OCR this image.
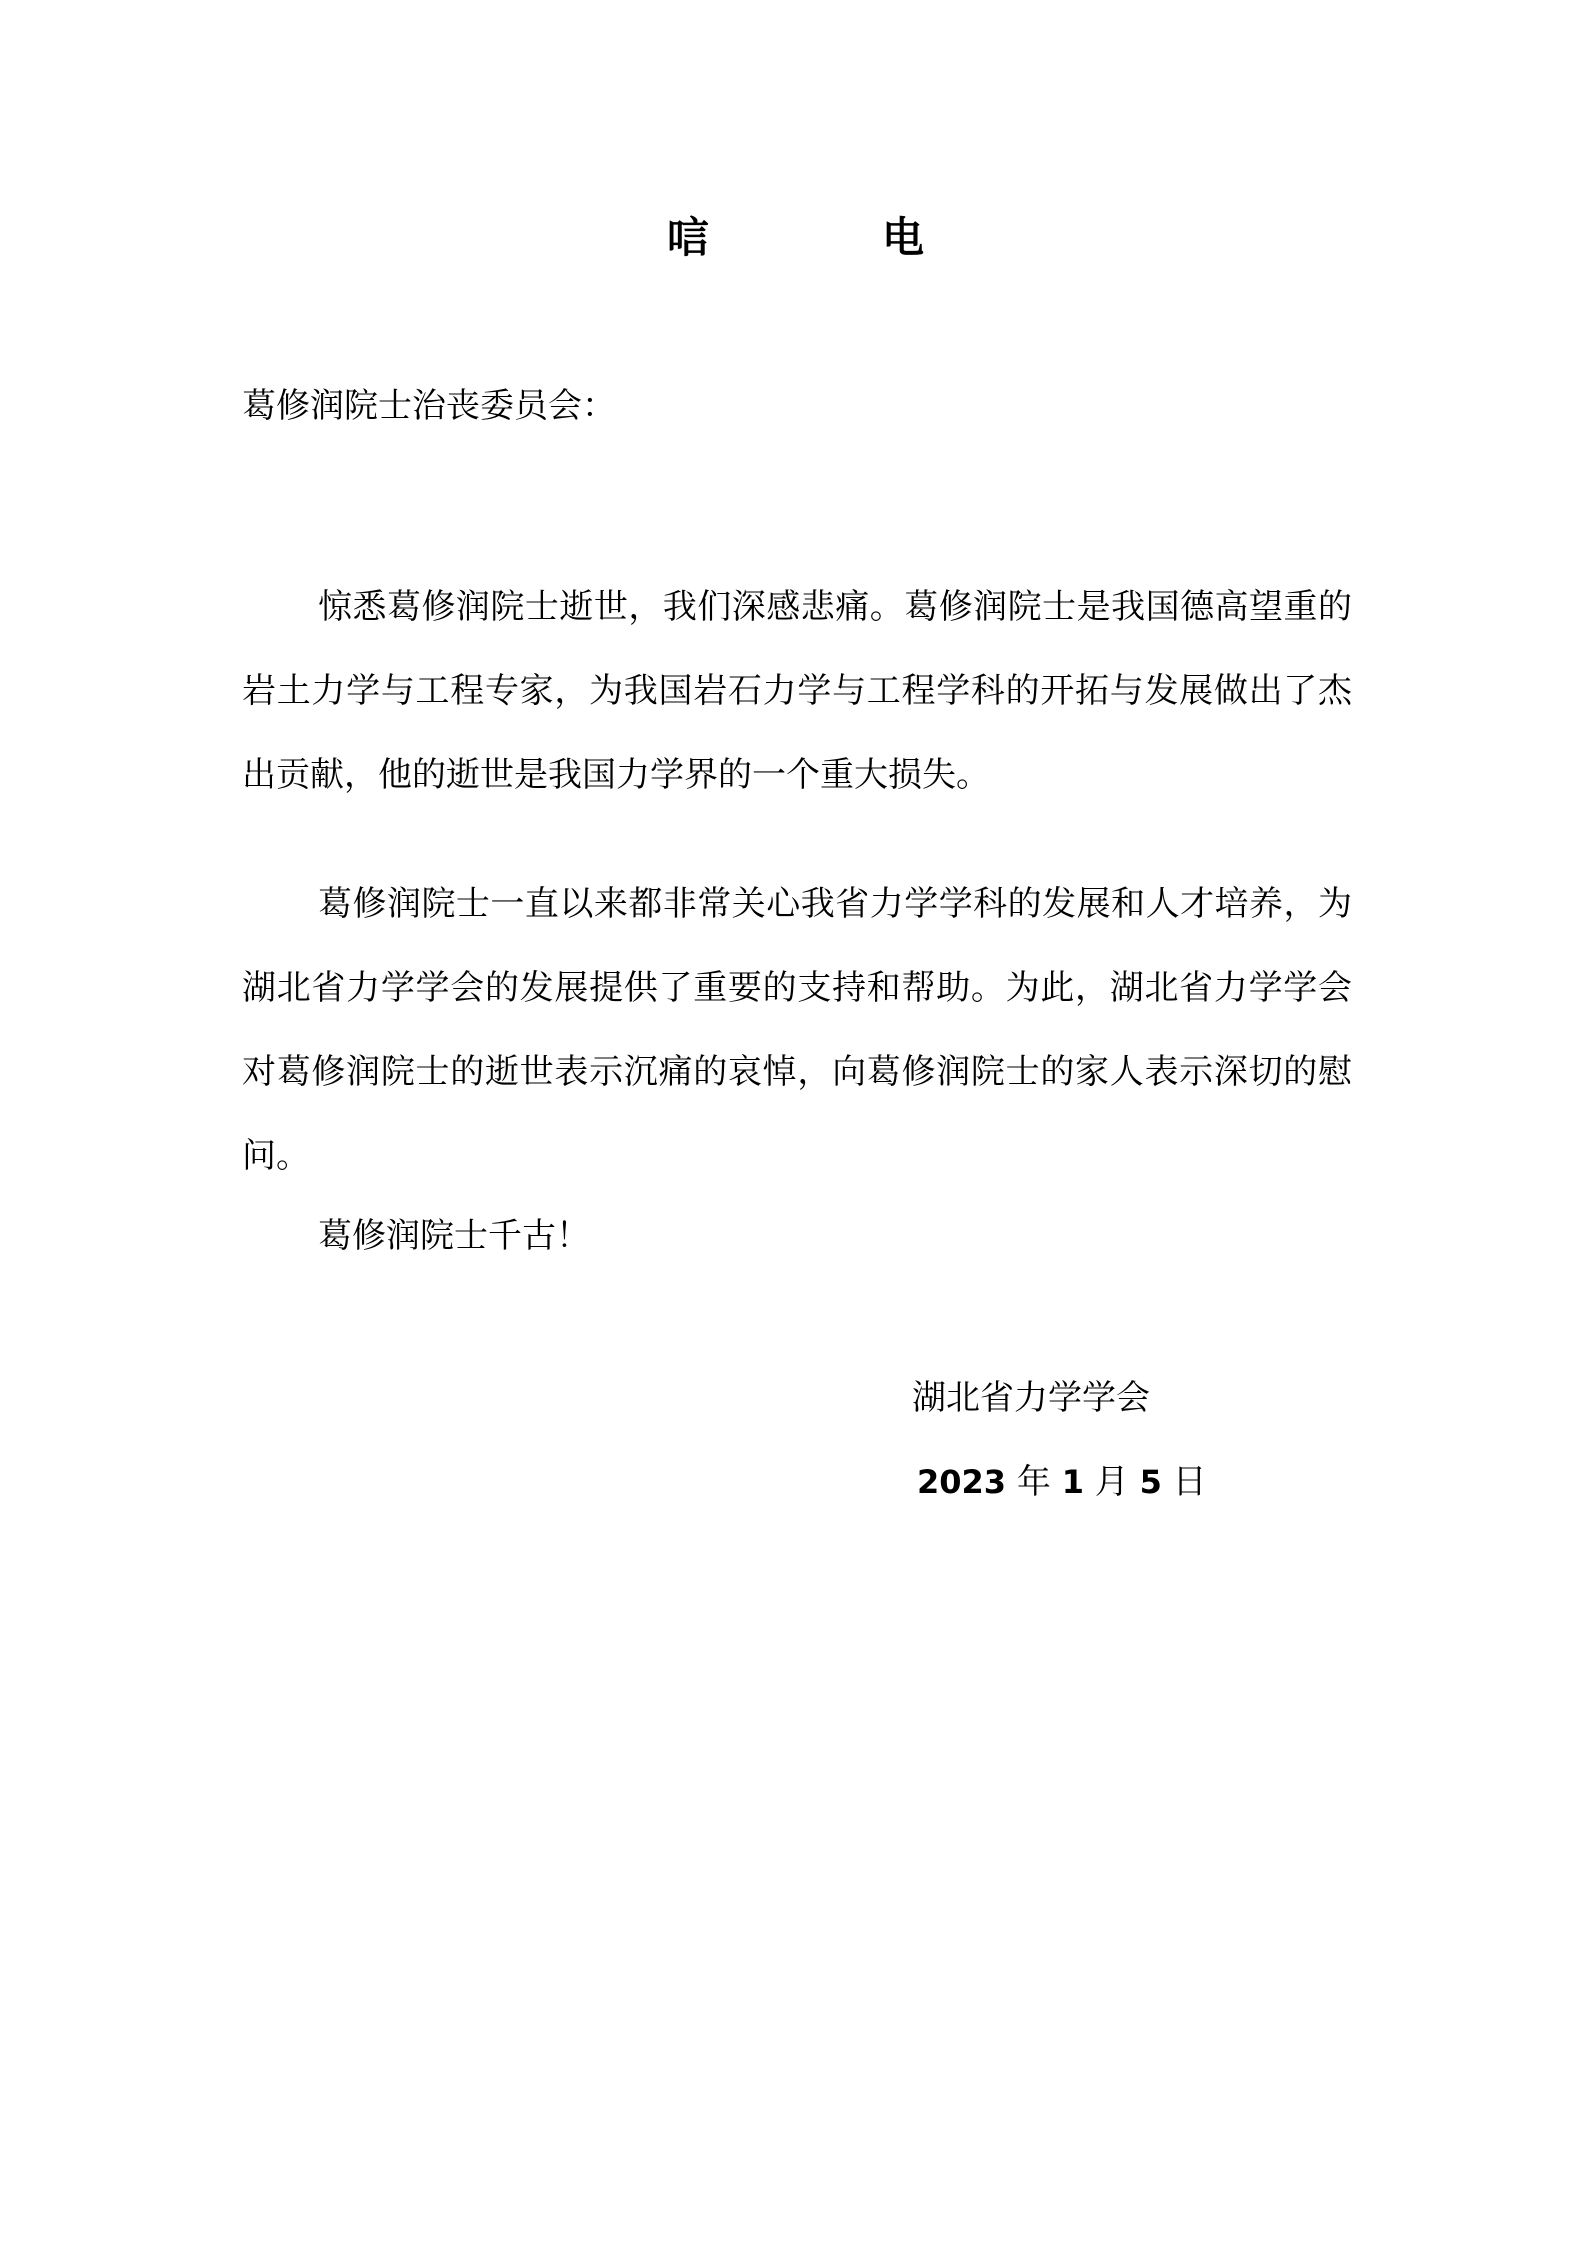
唁	电
葛修润院士治丧委员会：

惊悉葛修润院士逝世，我们深感悲痛。葛修润院士是我国德高望重的岩土力学与工程专家，为我国岩石力学与工程学科的开拓与发展做出了杰出贡献，他的逝世是我国力学界的一个重大损失。

葛修润院士一直以来都非常关心我省力学学科的发展和人才培养，为湖北省力学学会的发展提供了重要的支持和帮助。为此，湖北省力学学会对葛修润院士的逝世表示沉痛的哀悼，向葛修润院士的家人表示深切的慰问。

葛修润院士千古！

湖北省力学学会
2023 年 1 月 5 日
